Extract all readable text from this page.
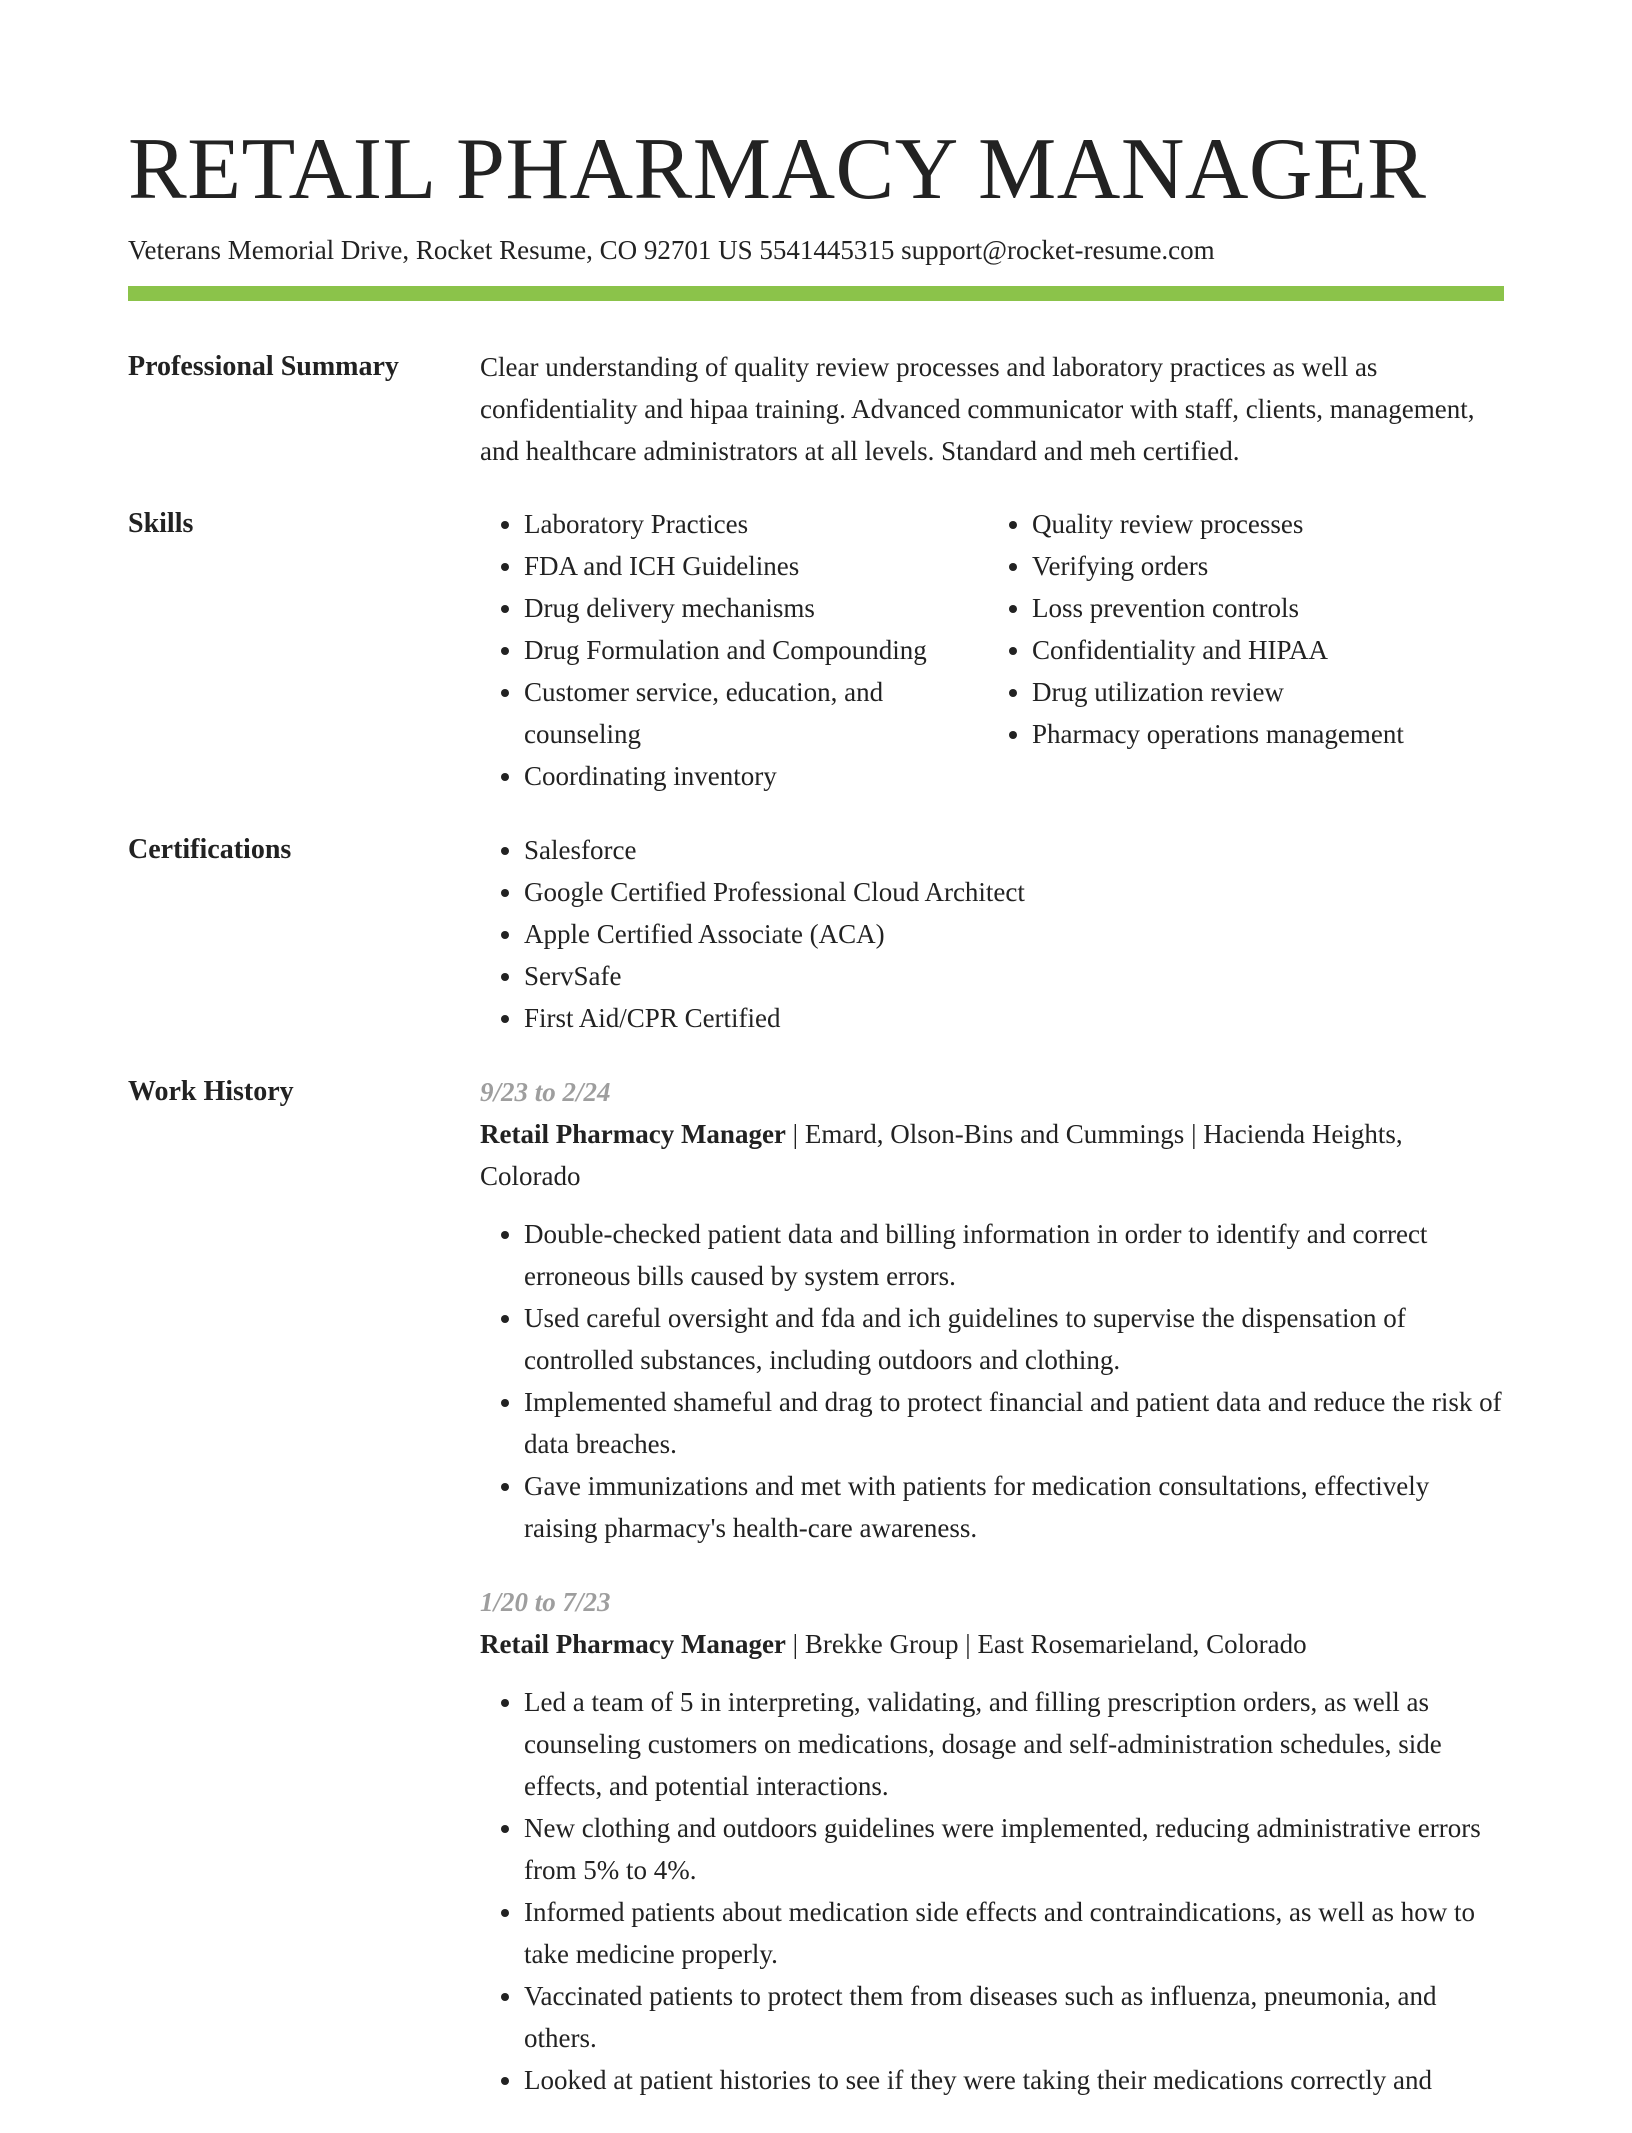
RETAIL PHARMACY MANAGER
Veterans Memorial Drive, Rocket Resume, CO 92701 US 5541445315 support@rocket-resume.com
Professional Summary	Clear understanding of quality review processes and laboratory practices as well as confidentiality and hipaa training. Advanced communicator with staff, clients, management, and healthcare administrators at all levels. Standard and meh certified.

Skills	• Laboratory Practices
• FDA and ICH Guidelines
• Drug delivery mechanisms
• Drug Formulation and Compounding
• Customer service, education, and counseling
• Coordinating inventory
• Quality review processes
• Verifying orders
• Loss prevention controls
• Confidentiality and HIPAA
• Drug utilization review
• Pharmacy operations management
Certifications	• Salesforce
• Google Certified Professional Cloud Architect
• Apple Certified Associate (ACA)
• ServSafe
• First Aid/CPR Certified
Work History	9/23 to 2/24
Retail Pharmacy Manager | Emard, Olson-Bins and Cummings | Hacienda Heights, Colorado
• Double-checked patient data and billing information in order to identify and correct erroneous bills caused by system errors.
• Used careful oversight and fda and ich guidelines to supervise the dispensation of controlled substances, including outdoors and clothing.
• Implemented shameful and drag to protect financial and patient data and reduce the risk of data breaches.
• Gave immunizations and met with patients for medication consultations, effectively raising pharmacy's health-care awareness.
1/20 to 7/23
Retail Pharmacy Manager | Brekke Group | East Rosemarieland, Colorado
• Led a team of 5 in interpreting, validating, and filling prescription orders, as well as counseling customers on medications, dosage and self-administration schedules, side effects, and potential interactions.
• New clothing and outdoors guidelines were implemented, reducing administrative errors from 5% to 4%.
• Informed patients about medication side effects and contraindications, as well as how to take medicine properly.
• Vaccinated patients to protect them from diseases such as influenza, pneumonia, and others.
• Looked at patient histories to see if they were taking their medications correctly and
